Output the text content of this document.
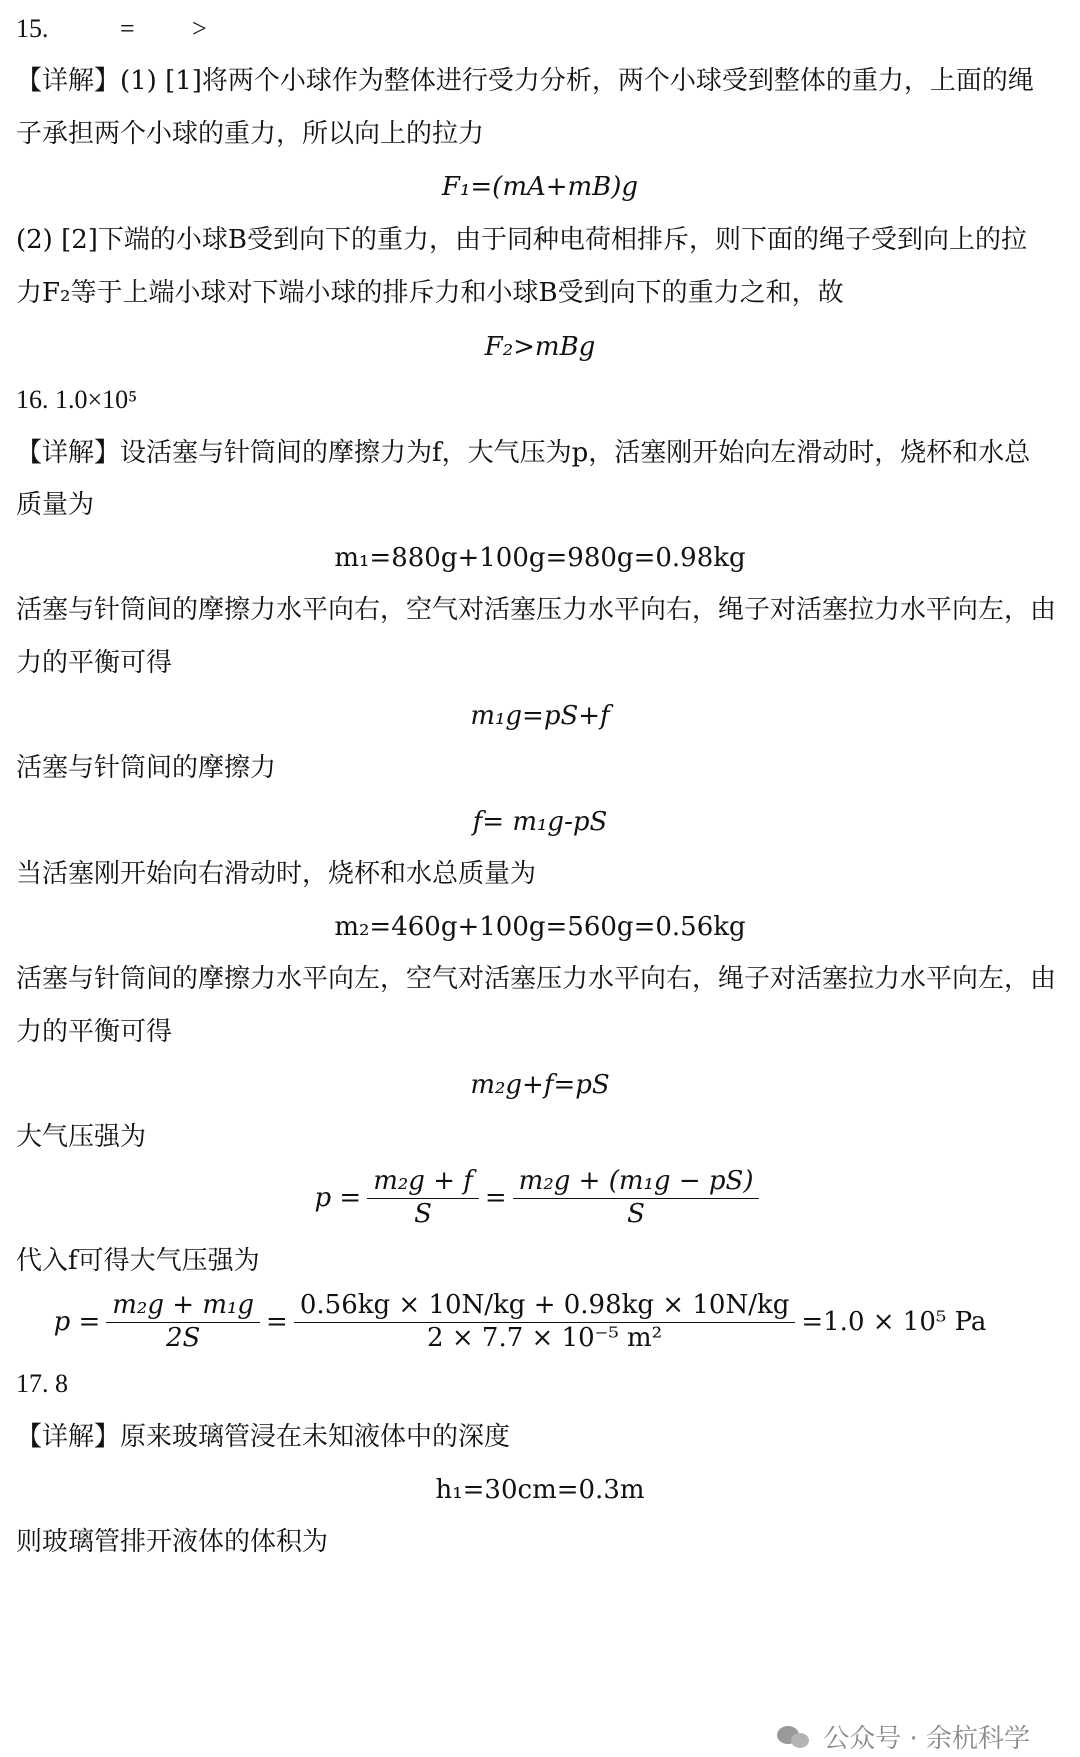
15.	= >
【详解】(1) [1]将两个小球作为整体进行受力分析，两个小球受到整体的重力，上面的绳
子承担两个小球的重力，所以向上的拉力
F₁=(mA+mB)g
(2) [2]下端的小球B受到向下的重力，由于同种电荷相排斥，则下面的绳子受到向上的拉
力F₂等于上端小球对下端小球的排斥力和小球B受到向下的重力之和，故
F₂>mBg
16. 1.0×10⁵
【详解】设活塞与针筒间的摩擦力为f，大气压为p，活塞刚开始向左滑动时，烧杯和水总
质量为
m₁=880g+100g=980g=0.98kg
活塞与针筒间的摩擦力水平向右，空气对活塞压力水平向右，绳子对活塞拉力水平向左，由
力的平衡可得
m₁g=pS+f
活塞与针筒间的摩擦力
f= m₁g-pS
当活塞刚开始向右滑动时，烧杯和水总质量为
m₂=460g+100g=560g=0.56kg
活塞与针筒间的摩擦力水平向左，空气对活塞压力水平向右，绳子对活塞拉力水平向左，由
力的平衡可得
m₂g+f=pS
大气压强为
$p = \frac{\text{m₂g + f}}{S} = \frac{\text{m₂g + (m₁g − pS)}}{S}$
代入f可得大气压强为
$p = \frac{\text{m₂g + m₁g}}{2S} = \frac{0.56kg \times 10N/kg + 0.98kg \times 10N/kg}{\text{2 × 7.7 × 10⁻⁵ m²}} =1.0 \times 10^5$ Pa
17. 8
【详解】原来玻璃管浸在未知液体中的深度
h₁=30cm=0.3m
则玻璃管排开液体的体积为
公众号 · 余杭科学
